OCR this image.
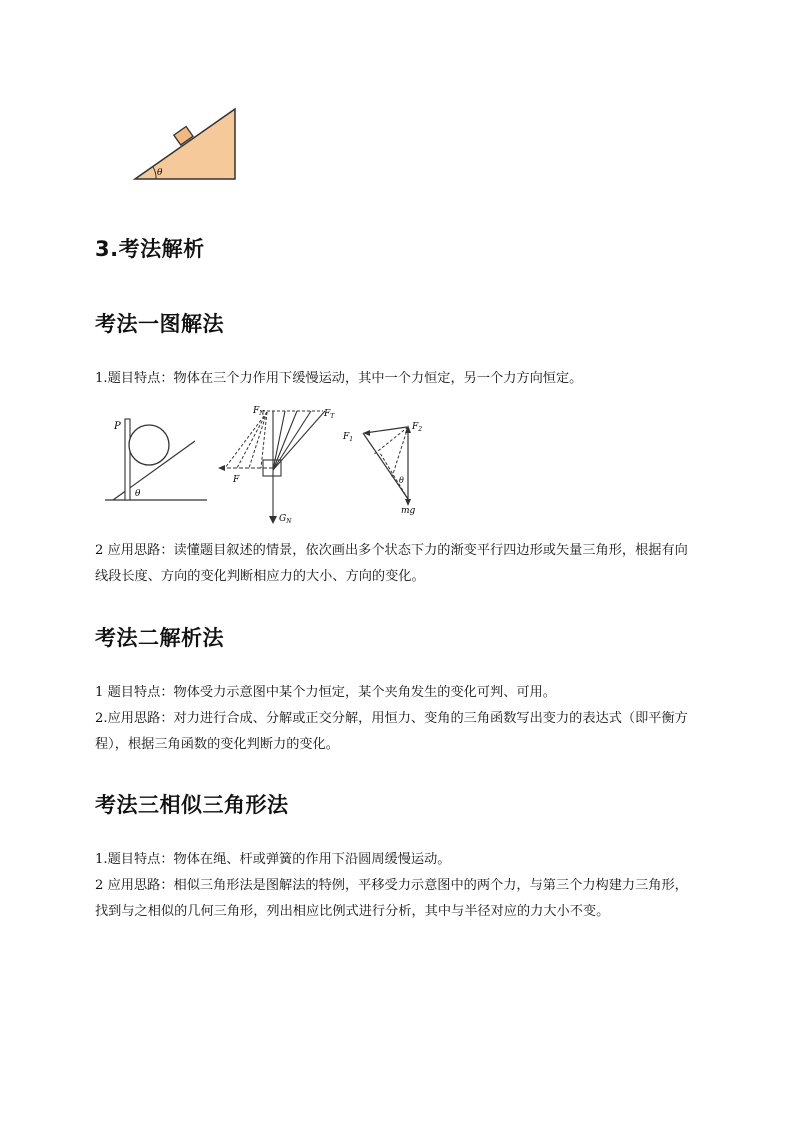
θ
3.考法解析
考法一图解法
1.题目特点：物体在三个力作用下缓慢运动，其中一个力恒定，另一个力方向恒定。
P
θ
$F_N$	$F_T$
F
$G_N$
$F_1$
$F_2$
θ
mg
2 应用思路：读懂题目叙述的情景，依次画出多个状态下力的渐变平行四边形或矢量三角形，根据有向线段长度、方向的变化判断相应力的大小、方向的变化。
考法二解析法
1 题目特点：物体受力示意图中某个力恒定，某个夹角发生的变化可判、可用。
2.应用思路：对力进行合成、分解或正交分解，用恒力、变角的三角函数写出变力的表达式（即平衡方程），根据三角函数的变化判断力的变化。
考法三相似三角形法
1.题目特点：物体在绳、杆或弹簧的作用下沿圆周缓慢运动。
2 应用思路：相似三角形法是图解法的特例，平移受力示意图中的两个力，与第三个力构建力三角形，找到与之相似的几何三角形，列出相应比例式进行分析，其中与半径对应的力大小不变。
